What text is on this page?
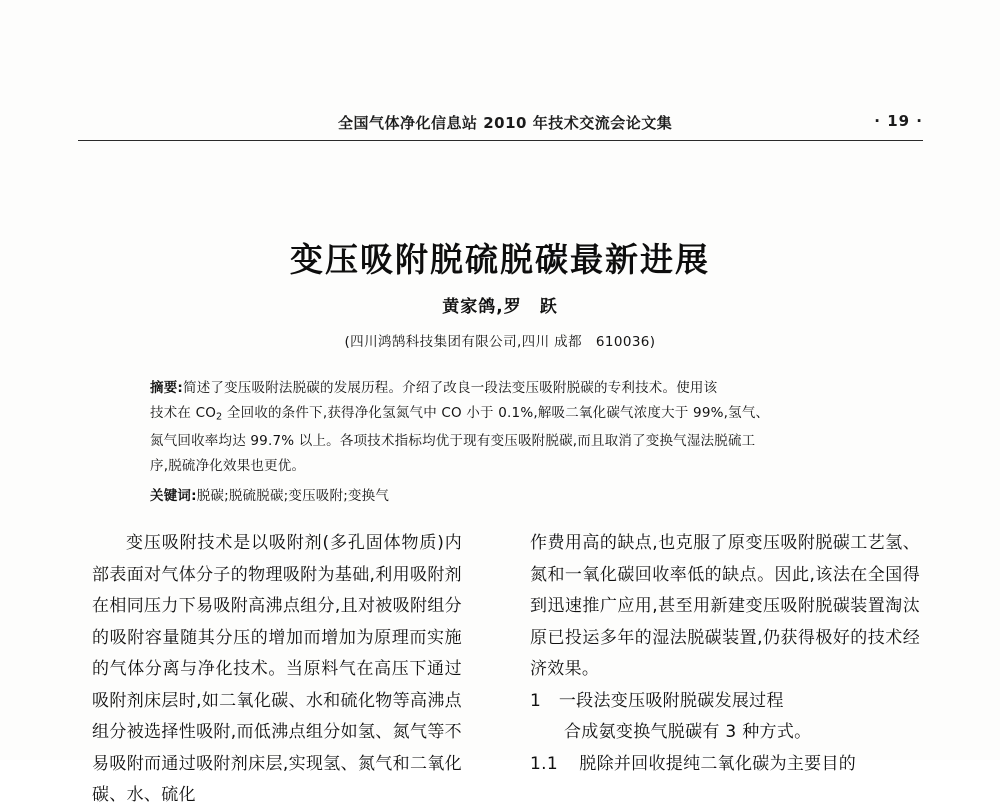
全国气体净化信息站 2010 年技术交流会论文集	· 19 ·
变压吸附脱硫脱碳最新进展
黄家鸽,罗　跃
(四川鸿鹄科技集团有限公司,四川 成都　610036)
摘要:简述了变压吸附法脱碳的发展历程。介绍了改良一段法变压吸附脱碳的专利技术。使用该
技术在 $CO_2$ 全回收的条件下,获得净化氢氮气中 CO 小于 0.1%,解吸二氧化碳气浓度大于 99%,氢气、
氮气回收率均达 99.7% 以上。各项技术指标均优于现有变压吸附脱碳,而且取消了变换气湿法脱硫工
序,脱硫净化效果也更优。
关键词:脱碳;脱硫脱碳;变压吸附;变换气

变压吸附技术是以吸附剂(多孔固体物质)内部表面对气体分子的物理吸附为基础,利用吸附剂在相同压力下易吸附高沸点组分,且对被吸附组分的吸附容量随其分压的增加而增加为原理而实施的气体分离与净化技术。当原料气在高压下通过吸附剂床层时,如二氧化碳、水和硫化物等高沸点组分被选择性吸附,而低沸点组分如氢、氮气等不易吸附而通过吸附剂床层,实现氢、氮气和二氧化碳、水、硫化

作费用高的缺点,也克服了原变压吸附脱碳工艺氢、氮和一氧化碳回收率低的缺点。因此,该法在全国得到迅速推广应用,甚至用新建变压吸附脱碳装置淘汰原已投运多年的湿法脱碳装置,仍获得极好的技术经济效果。

1 一段法变压吸附脱碳发展过程

合成氨变换气脱碳有 3 种方式。

1.1 脱除并回收提纯二氧化碳为主要目的
